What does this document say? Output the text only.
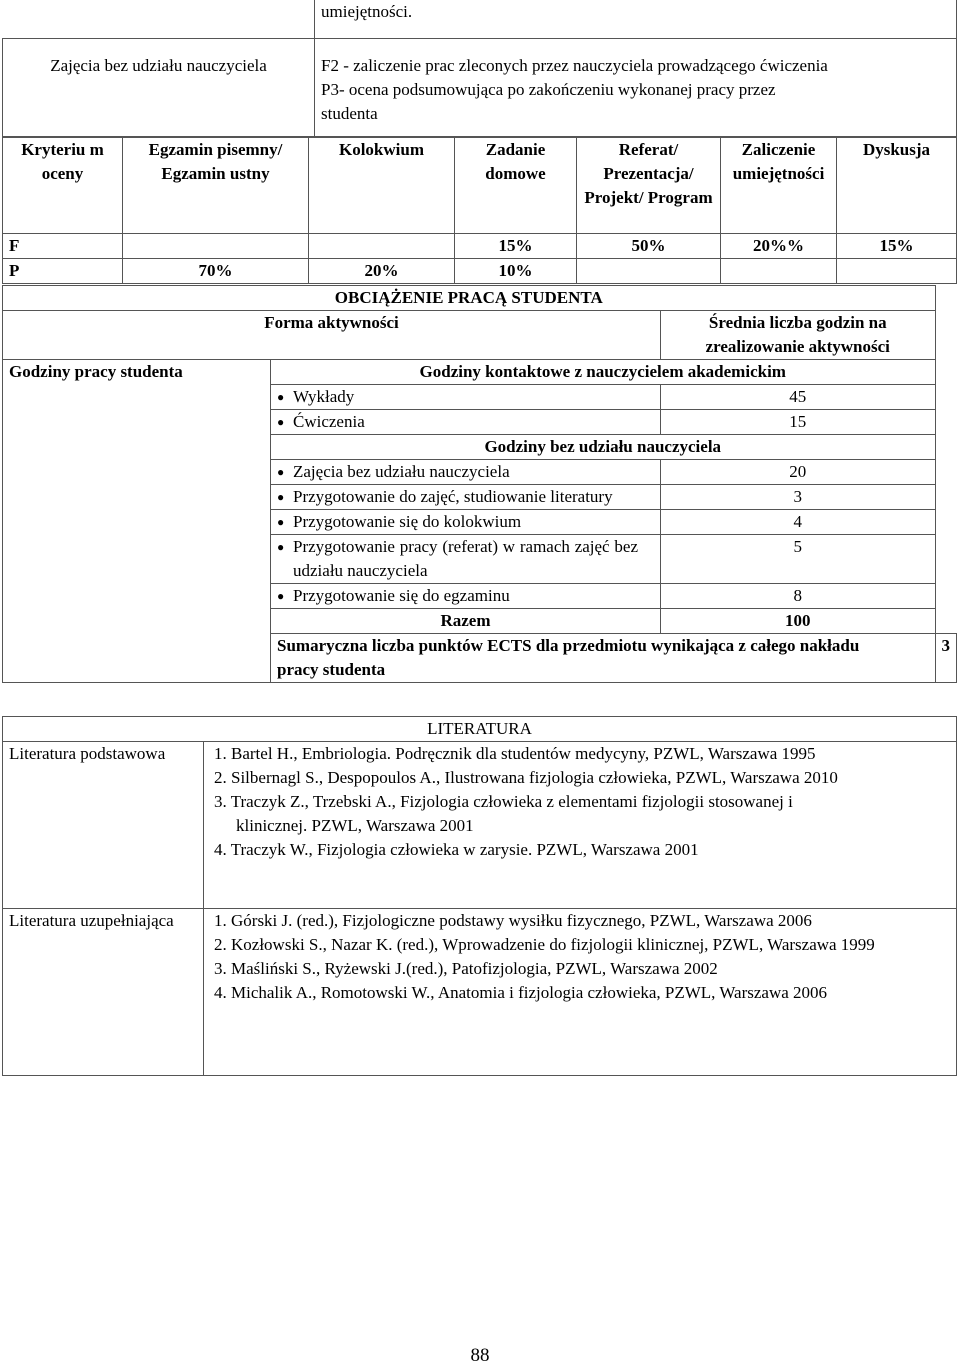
	umiejętności.
Zajęcia bez udziału nauczyciela	F2 - zaliczenie prac zleconych przez nauczyciela prowadzącego ćwiczenia
P3- ocena podsumowująca po zakończeniu wykonanej pracy przez
studenta
Kryteriu m oceny	Egzamin pisemny/ Egzamin ustny	Kolokwium	Zadanie domowe	Referat/ Prezentacja/ Projekt/ Program	Zaliczenie umiejętności	Dyskusja
F			15%	50%	20%%	15%
P	70%	20%	10%			
OBCIĄŻENIE PRACĄ STUDENTA			
Forma aktywności		Średnia liczba godzin na zrealizowanie aktywności	
Godziny pracy studenta	Godziny kontaktowe z nauczycielem akademickim		

	● Wykłady	45	

	● Ćwiczenia	15	
	Godziny bez udziału nauczyciela		

	● Zajęcia bez udziału nauczyciela	20	

	● Przygotowanie do zajęć, studiowanie literatury	3	

	● Przygotowanie się do kolokwium	4	

	● Przygotowanie pracy (referat) w ramach zajęć bez udziału nauczyciela	5	

	● Przygotowanie się do egzaminu	8	
	Razem	100	
	Sumaryczna liczba punktów ECTS dla przedmiotu wynikająca z całego nakładu pracy studenta		3
LITERATURA	
Literatura podstawowa	1. Bartel H., Embriologia. Podręcznik dla studentów medycyny, PZWL, Warszawa 1995
2. Silbernagl S., Despopoulos A., Ilustrowana fizjologia człowieka, PZWL, Warszawa 2010
3. Traczyk Z., Trzebski A., Fizjologia człowieka z elementami fizjologii stosowanej i klinicznej. PZWL, Warszawa 2001
4. Traczyk W., Fizjologia człowieka w zarysie. PZWL, Warszawa 2001

Literatura uzupełniająca	1. Górski J. (red.), Fizjologiczne podstawy wysiłku fizycznego, PZWL, Warszawa 2006
2. Kozłowski S., Nazar K. (red.), Wprowadzenie do fizjologii klinicznej, PZWL, Warszawa 1999
3. Maśliński S., Ryżewski J.(red.), Patofizjologia, PZWL, Warszawa 2002
4. Michalik A., Romotowski W., Anatomia i fizjologia człowieka, PZWL, Warszawa 2006
88
